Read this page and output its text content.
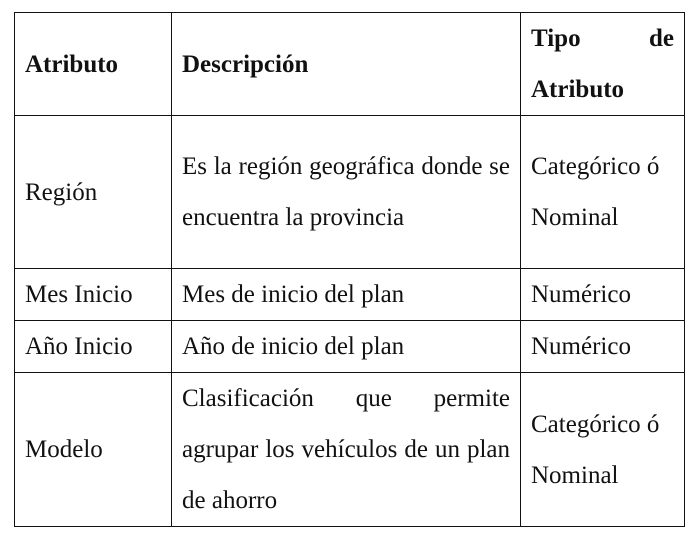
Atributo	Descripción	Tipo de Atributo
Región	Es la región geográfica donde se encuentra la provincia	Categórico ó Nominal
Mes Inicio	Mes de inicio del plan	Numérico
Año Inicio	Año de inicio del plan	Numérico
Modelo	Clasificación que permite agrupar los vehículos de un plan de ahorro	Categórico ó Nominal
